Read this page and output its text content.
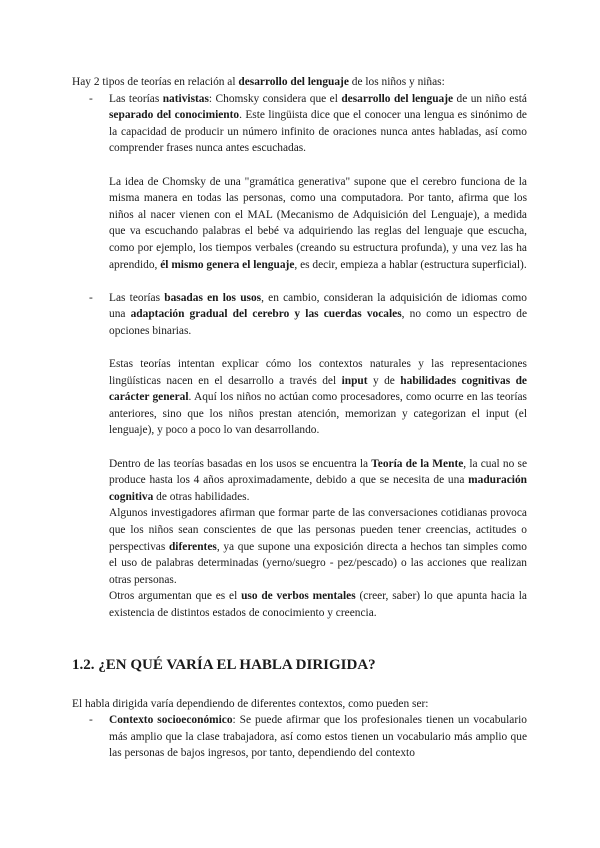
Hay 2 tipos de teorías en relación al desarrollo del lenguaje de los niños y niñas:

- Las teorías nativistas: Chomsky considera que el desarrollo del lenguaje de un niño está separado del conocimiento. Este lingüista dice que el conocer una lengua es sinónimo de la capacidad de producir un número infinito de oraciones nunca antes habladas, así como comprender frases nunca antes escuchadas.

La idea de Chomsky de una "gramática generativa" supone que el cerebro funciona de la misma manera en todas las personas, como una computadora. Por tanto, afirma que los niños al nacer vienen con el MAL (Mecanismo de Adquisición del Lenguaje), a medida que va escuchando palabras el bebé va adquiriendo las reglas del lenguaje que escucha, como por ejemplo, los tiempos verbales (creando su estructura profunda), y una vez las ha aprendido, él mismo genera el lenguaje, es decir, empieza a hablar (estructura superficial).

- Las teorías basadas en los usos, en cambio, consideran la adquisición de idiomas como una adaptación gradual del cerebro y las cuerdas vocales, no como un espectro de opciones binarias.

Estas teorías intentan explicar cómo los contextos naturales y las representaciones lingüísticas nacen en el desarrollo a través del input y de habilidades cognitivas de carácter general. Aquí los niños no actúan como procesadores, como ocurre en las teorías anteriores, sino que los niños prestan atención, memorizan y categorizan el input (el lenguaje), y poco a poco lo van desarrollando.

Dentro de las teorías basadas en los usos se encuentra la Teoría de la Mente, la cual no se produce hasta los 4 años aproximadamente, debido a que se necesita de una maduración cognitiva de otras habilidades.

Algunos investigadores afirman que formar parte de las conversaciones cotidianas provoca que los niños sean conscientes de que las personas pueden tener creencias, actitudes o perspectivas diferentes, ya que supone una exposición directa a hechos tan simples como el uso de palabras determinadas (yerno/suegro - pez/pescado) o las acciones que realizan otras personas.

Otros argumentan que es el uso de verbos mentales (creer, saber) lo que apunta hacia la existencia de distintos estados de conocimiento y creencia.

1.2. ¿EN QUÉ VARÍA EL HABLA DIRIGIDA?

El habla dirigida varía dependiendo de diferentes contextos, como pueden ser:

- Contexto socioeconómico: Se puede afirmar que los profesionales tienen un vocabulario más amplio que la clase trabajadora, así como estos tienen un vocabulario más amplio que las personas de bajos ingresos, por tanto, dependiendo del contexto
